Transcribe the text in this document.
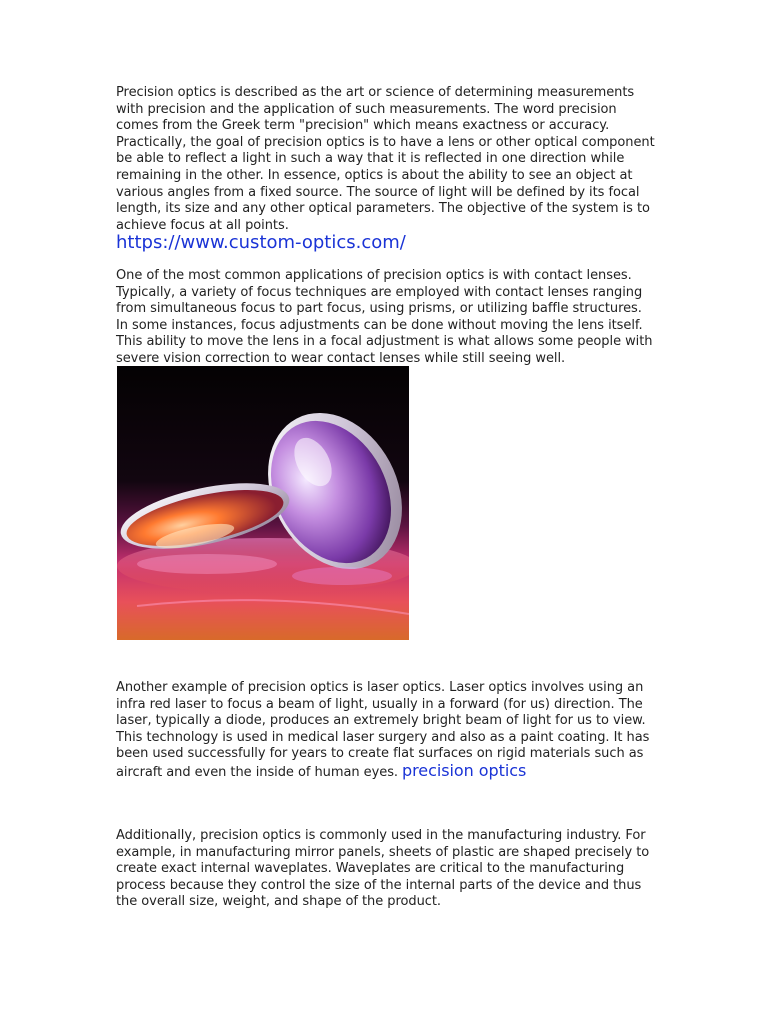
Precision optics is described as the art or science of determining measurements with precision and the application of such measurements. The word precision comes from the Greek term "precision" which means exactness or accuracy. Practically, the goal of precision optics is to have a lens or other optical component be able to reflect a light in such a way that it is reflected in one direction while remaining in the other. In essence, optics is about the ability to see an object at various angles from a fixed source. The source of light will be defined by its focal length, its size and any other optical parameters. The objective of the system is to achieve focus at all points.

https://www.custom-optics.com/

One of the most common applications of precision optics is with contact lenses. Typically, a variety of focus techniques are employed with contact lenses ranging from simultaneous focus to part focus, using prisms, or utilizing baffle structures. In some instances, focus adjustments can be done without moving the lens itself. This ability to move the lens in a focal adjustment is what allows some people with severe vision correction to wear contact lenses while still seeing well.

Another example of precision optics is laser optics. Laser optics involves using an infra red laser to focus a beam of light, usually in a forward (for us) direction. The laser, typically a diode, produces an extremely bright beam of light for us to view. This technology is used in medical laser surgery and also as a paint coating. It has been used successfully for years to create flat surfaces on rigid materials such as aircraft and even the inside of human eyes. precision optics

Additionally, precision optics is commonly used in the manufacturing industry. For example, in manufacturing mirror panels, sheets of plastic are shaped precisely to create exact internal waveplates. Waveplates are critical to the manufacturing process because they control the size of the internal parts of the device and thus the overall size, weight, and shape of the product.
